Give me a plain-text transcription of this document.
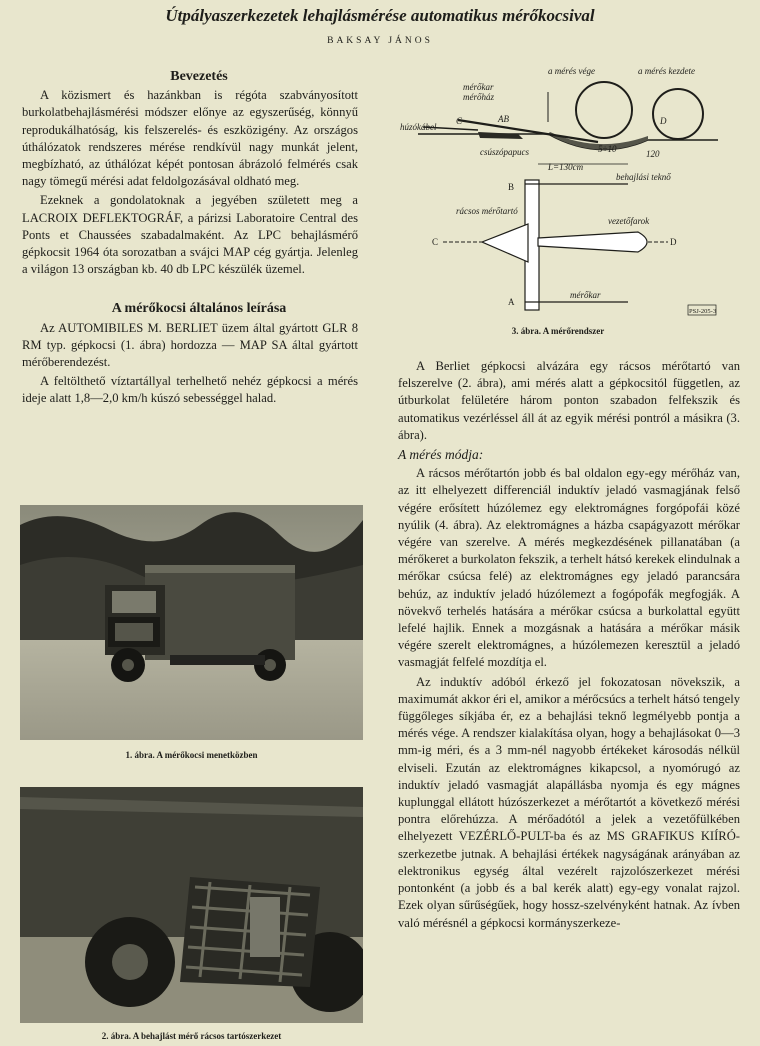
Útpályaszerkezetek lehajlásmérése automatikus mérőkocsival
BAKSAY JÁNOS

Bevezetés

A közismert és hazánkban is régóta szabványosított burkolatbehajlásmérési módszer előnye az egyszerűség, könnyű reprodukálhatóság, kis felszerelés- és eszközigény. Az országos úthálózatok rendszeres mérése rendkívül nagy munkát jelent, megbízható, az úthálózat képét pontosan ábrázoló felmérés csak nagy tömegű mérési adat feldolgozásával oldható meg.

Ezeknek a gondolatoknak a jegyében született meg a LACROIX DEFLEKTOGRÁF, a párizsi Laboratoire Central des Ponts et Chaussées szabadalmaként. Az LPC behajlásmérő gépkocsit 1964 óta sorozatban a svájci MAP cég gyártja. Jelenleg a világon 13 országban kb. 40 db LPC készülék üzemel.

A mérőkocsi általános leírása

Az AUTOMIBILES M. BERLIET üzem által gyártott GLR 8 RM typ. gépkocsi (1. ábra) hordozza — MAP SA által gyártott mérőberendezést.

A feltölthető víztartállyal terhelhető nehéz gépkocsi a mérés ideje alatt 1,8—2,0 km/h kúszó sebességgel halad.

1. ábra. A mérőkocsi menetközben
2. ábra. A behajlást mérő rácsos tartószerkezet
a mérés vége	a mérés kezdete
mérőkar
mérőház
húzókábel
csúszópapucs
AB
C	D
L=130cm
5÷10	120
behajlási teknő
B
C	D
rácsos mérőtartó
vezetőfarok
A
mérőkar
PSJ-205-3
3. ábra. A mérőrendszer

A Berliet gépkocsi alvázára egy rácsos mérőtartó van felszerelve (2. ábra), ami mérés alatt a gépkocsitól független, az útburkolat felületére három ponton szabadon felfekszik és automatikus vezérléssel áll át az egyik mérési pontról a másikra (3. ábra).

A mérés módja:

A rácsos mérőtartón jobb és bal oldalon egy-egy mérőház van, az itt elhelyezett differenciál induktív jeladó vasmagjának felső végére erősített húzólemez egy elektromágnes forgópofái közé nyúlik (4. ábra). Az elektromágnes a házba csapágyazott mérőkar végére van szerelve. A mérés megkezdésének pillanatában (a mérőkeret a burkolaton fekszik, a terhelt hátsó kerekek elindulnak a mérőkar csúcsa felé) az elektromágnes egy jeladó parancsára behúz, az induktív jeladó húzólemezt a fogópofák megfogják. A növekvő terhelés hatására a mérőkar csúcsa a burkolattal együtt lefelé hajlik. Ennek a mozgásnak a hatására a mérőkar másik végére szerelt elektromágnes, a húzólemezen keresztül a jeladó vasmagját felfelé mozdítja el.

Az induktív adóból érkező jel fokozatosan növekszik, a maximumát akkor éri el, amikor a mérőcsúcs a terhelt hátsó tengely függőleges síkjába ér, ez a behajlási teknő legmélyebb pontja a mérés vége. A rendszer kialakítása olyan, hogy a behajlásokat 0—3 mm-ig méri, és a 3 mm-nél nagyobb értékeket károsodás nélkül elviseli. Ezután az elektromágnes kikapcsol, a nyomórugó az induktív jeladó vasmagját alapállásba nyomja és egy mágnes kuplunggal ellátott húzószerkezet a mérőtartót a következő mérési pontra előrehúzza. A mérőadótól a jelek a vezetőfülkében elhelyezett VEZÉRLŐ-PULT-ba és az MS GRAFIKUS KIÍRÓ-szerkezetbe jutnak. A behajlási értékek nagyságának arányában az elektronikus egység által vezérelt rajzolószerkezet mérési pontonként (a jobb és a bal kerék alatt) egy-egy vonalat rajzol. Ezek olyan sűrűségűek, hogy hossz-szelvényként hatnak. Az ívben való mérésnél a gépkocsi kormányszerkeze-
